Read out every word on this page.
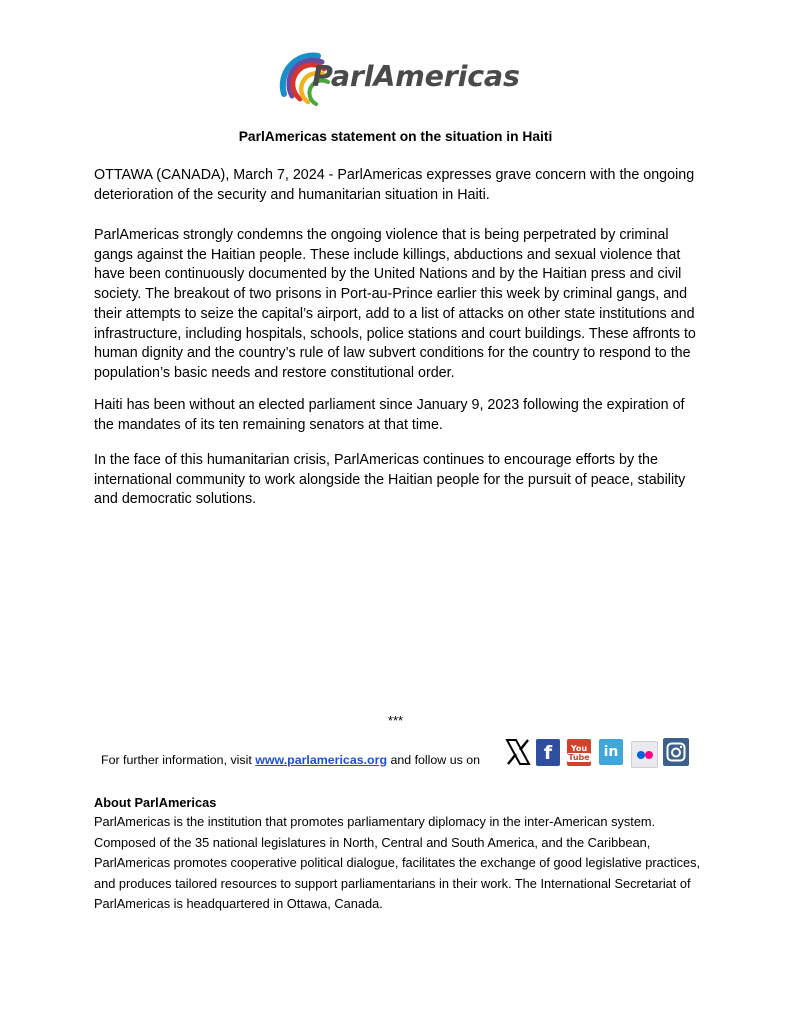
ParlAmericas
ParlAmericas statement on the situation in Haiti

OTTAWA (CANADA), March 7, 2024 - ParlAmericas expresses grave concern with the ongoing deterioration of the security and humanitarian situation in Haiti.

ParlAmericas strongly condemns the ongoing violence that is being perpetrated by criminal gangs against the Haitian people. These include killings, abductions and sexual violence that have been continuously documented by the United Nations and by the Haitian press and civil society. The breakout of two prisons in Port-au-Prince earlier this week by criminal gangs, and their attempts to seize the capital’s airport, add to a list of attacks on other state institutions and infrastructure, including hospitals, schools, police stations and court buildings. These affronts to human dignity and the country’s rule of law subvert conditions for the country to respond to the population’s basic needs and restore constitutional order.

Haiti has been without an elected parliament since January 9, 2023 following the expiration of the mandates of its ten remaining senators at that time.

In the face of this humanitarian crisis, ParlAmericas continues to encourage efforts by the international community to work alongside the Haitian people for the pursuit of peace, stability and democratic solutions.

***
For further information, visit www.parlamericas.org and follow us on	f You
Tube in
About ParlAmericas

ParlAmericas is the institution that promotes parliamentary diplomacy in the inter-American system. Composed of the 35 national legislatures in North, Central and South America, and the Caribbean, ParlAmericas promotes cooperative political dialogue, facilitates the exchange of good legislative practices, and produces tailored resources to support parliamentarians in their work. The International Secretariat of ParlAmericas is headquartered in Ottawa, Canada.
